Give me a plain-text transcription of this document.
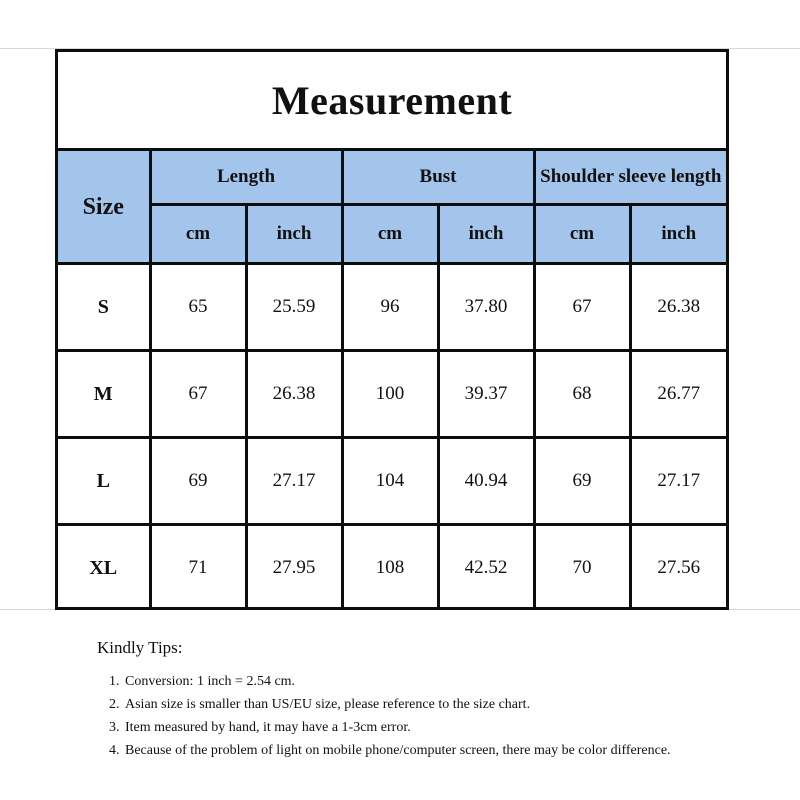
Measurement						
Size	Length		Bust		Shoulder sleeve length	
	cm	inch	cm	inch	cm	inch
S	65	25.59	96	37.80	67	26.38
M	67	26.38	100	39.37	68	26.77
L	69	27.17	104	40.94	69	27.17
XL	71	27.95	108	42.52	70	27.56
Kindly Tips:
1. Conversion: 1 inch = 2.54 cm.
2. Asian size is smaller than US/EU size, please reference to the size chart.
3. Item measured by hand, it may have a 1-3cm error.
4. Because of the problem of light on mobile phone/computer screen, there may be color difference.
